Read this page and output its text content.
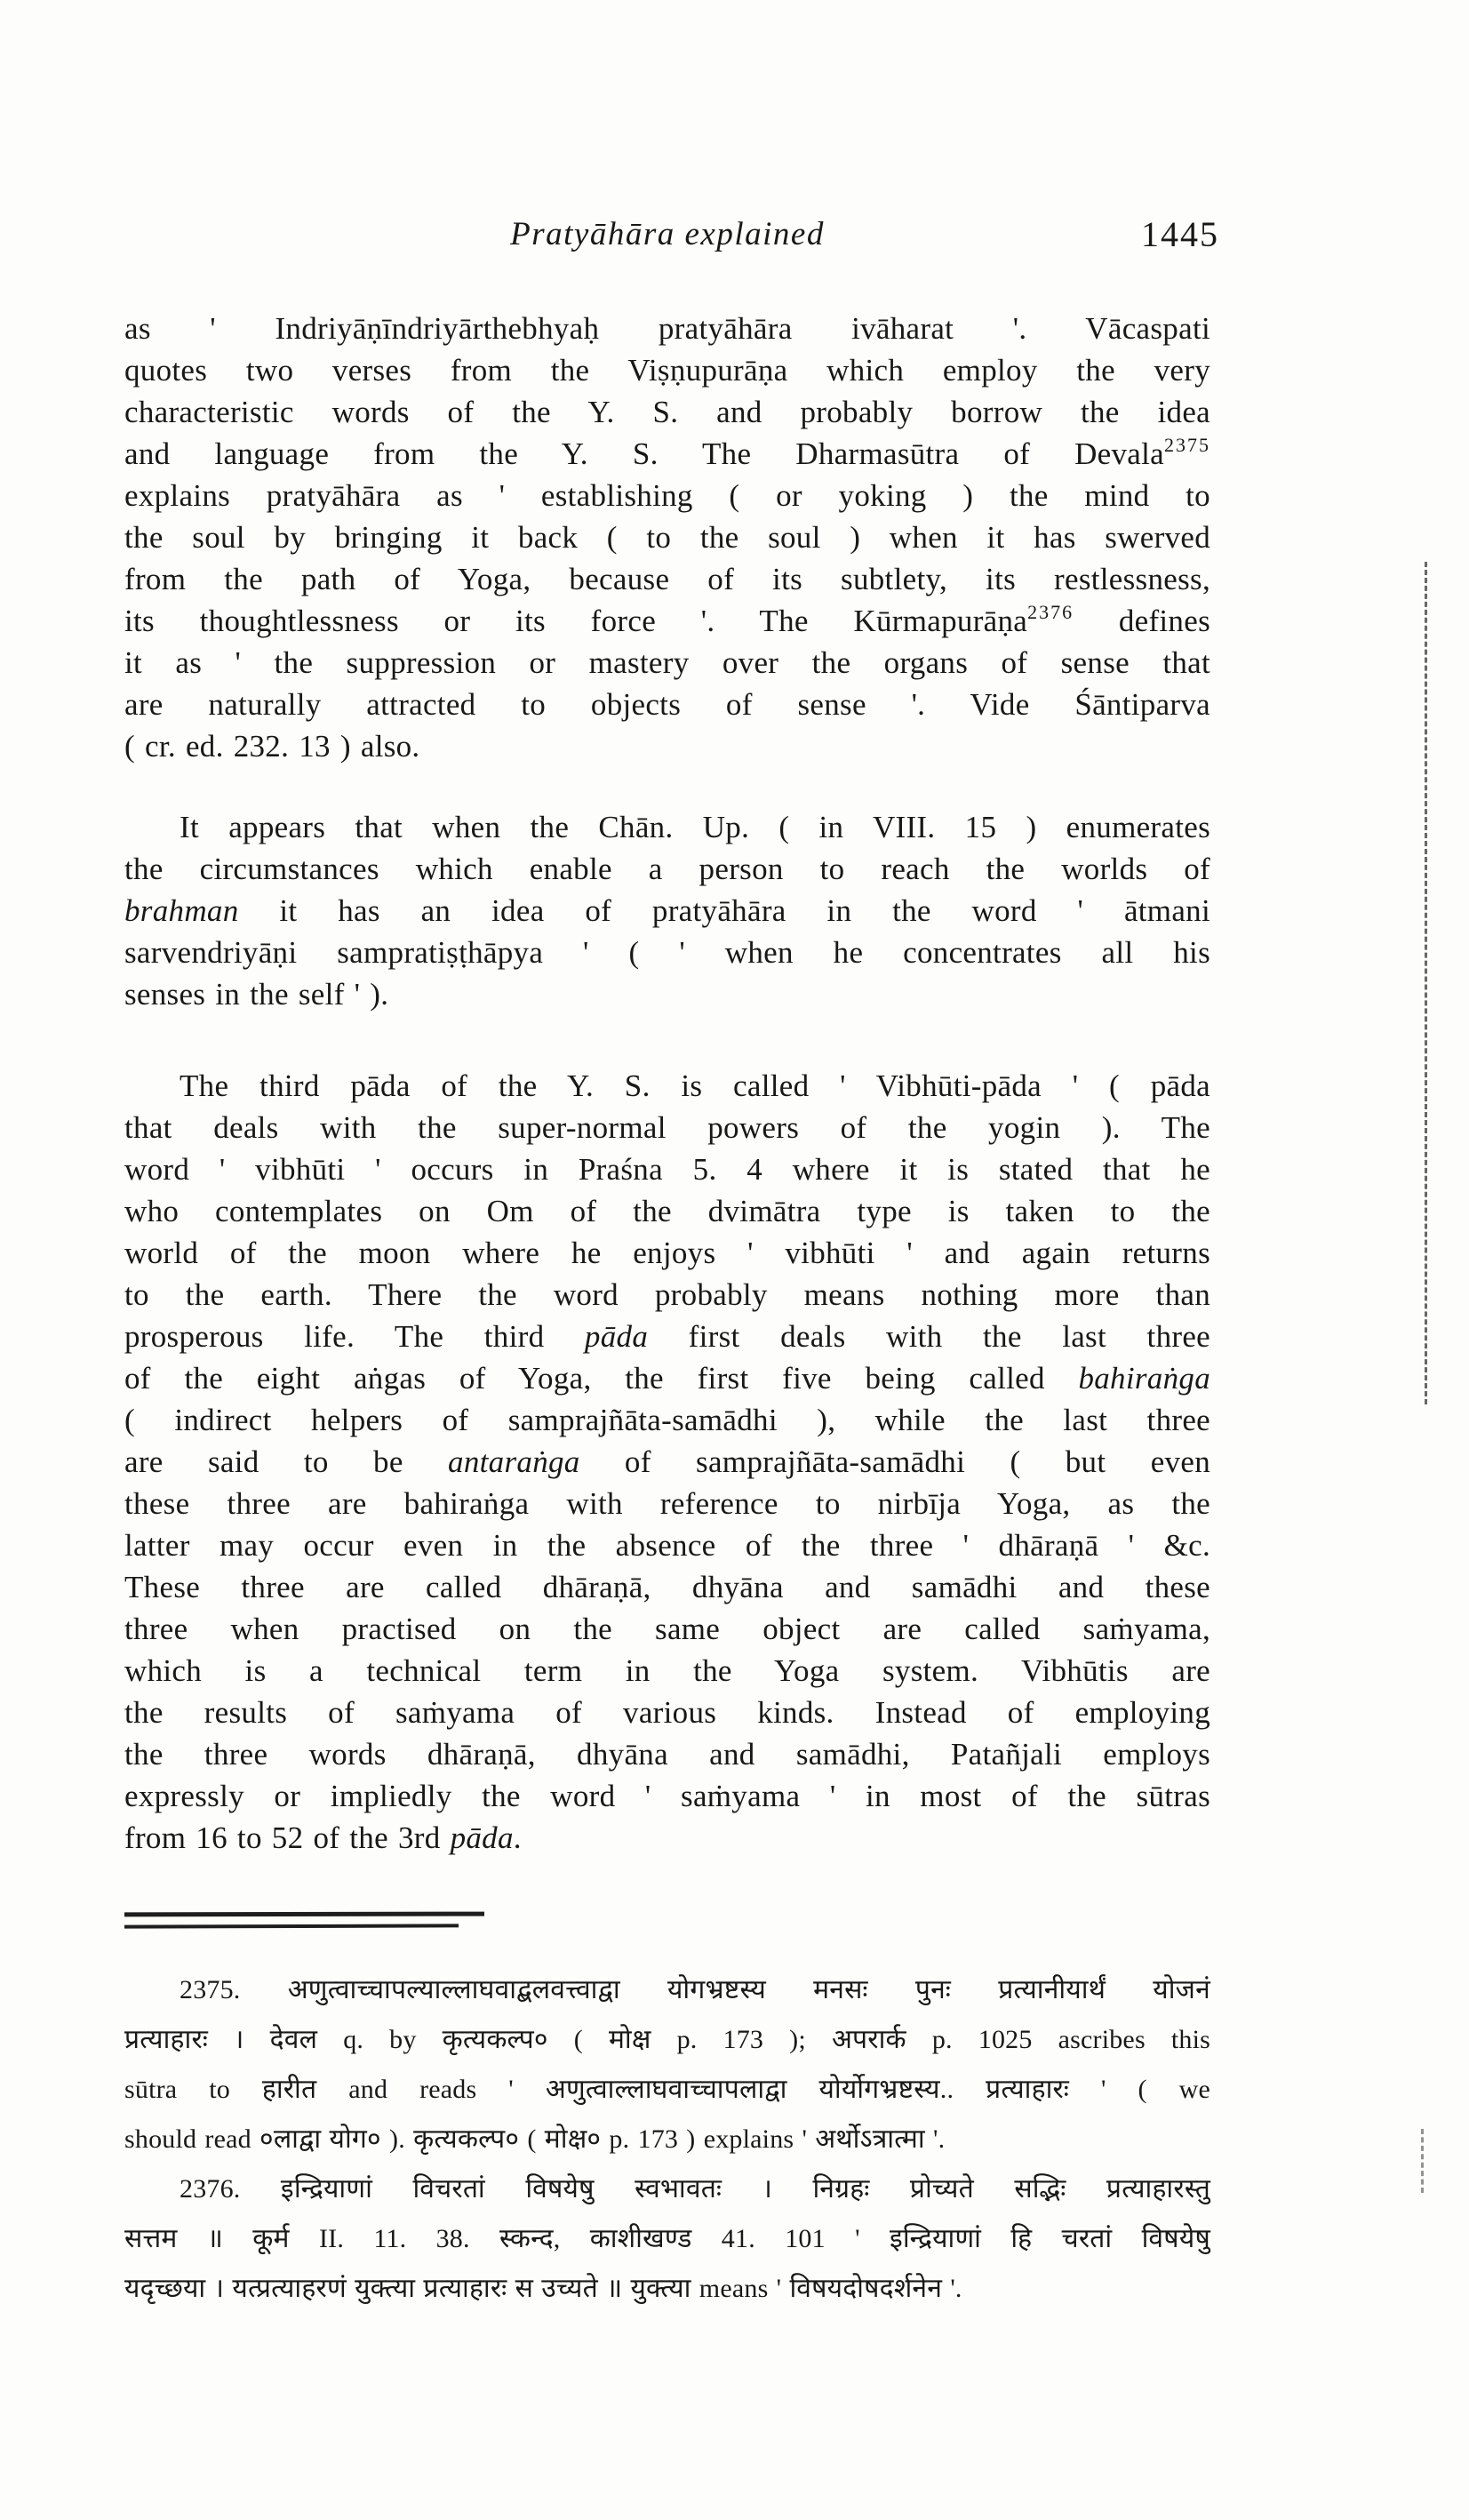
Pratyāhāra explained	1445
as ' Indriyāṇīndriyārthebhyaḥ pratyāhāra ivāharat '. Vācaspati
quotes two verses from the Viṣṇupurāṇa which employ the very
characteristic words of the Y. S. and probably borrow the idea
and language from the Y. S. The Dharmasūtra of Devala$^{2375}$
explains pratyāhāra as ' establishing ( or yoking ) the mind to
the soul by bringing it back ( to the soul ) when it has swerved
from the path of Yoga, because of its subtlety, its restlessness,
its thoughtlessness or its force '. The Kūrmapurāṇa$^{2376}$ defines
it as ' the suppression or mastery over the organs of sense that
are naturally attracted to objects of sense '. Vide Śāntiparva
( cr. ed. 232. 13 ) also.
It appears that when the Chān. Up. ( in VIII. 15 ) enumerates
the circumstances which enable a person to reach the worlds of
brahman it has an idea of pratyāhāra in the word ' ātmani
sarvendriyāṇi sampratiṣṭhāpya ' ( ' when he concentrates all his
senses in the self ' ).
The third pāda of the Y. S. is called ' Vibhūti-pāda ' ( pāda
that deals with the super-normal powers of the yogin ). The
word ' vibhūti ' occurs in Praśna 5. 4 where it is stated that he
who contemplates on Om of the dvimātra type is taken to the
world of the moon where he enjoys ' vibhūti ' and again returns
to the earth. There the word probably means nothing more than
prosperous life. The third pāda first deals with the last three
of the eight aṅgas of Yoga, the first five being called bahiraṅga
( indirect helpers of samprajñāta-samādhi ), while the last three
are said to be antaraṅga of samprajñāta-samādhi ( but even
these three are bahiraṅga with reference to nirbīja Yoga, as the
latter may occur even in the absence of the three ' dhāraṇā ' &c.
These three are called dhāraṇā, dhyāna and samādhi and these
three when practised on the same object are called saṁyama,
which is a technical term in the Yoga system. Vibhūtis are
the results of saṁyama of various kinds. Instead of employing
the three words dhāraṇā, dhyāna and samādhi, Patañjali employs
expressly or impliedly the word ' saṁyama ' in most of the sūtras
from 16 to 52 of the 3rd pāda.
2375. अणुत्वाच्चापल्याल्लाघवाद्बलवत्त्वाद्वा योगभ्रष्टस्य मनसः पुनः प्रत्यानीयार्थं योजनं
प्रत्याहारः । देवल q. by कृत्यकल्प० ( मोक्ष p. 173 ); अपरार्क p. 1025 ascribes this
sūtra to हारीत and reads ' अणुत्वाल्लाघवाच्चापलाद्वा योर्योगभ्रष्टस्य.. प्रत्याहारः ' ( we
should read ०लाद्वा योग० ). कृत्यकल्प० ( मोक्ष० p. 173 ) explains ' अर्थोऽत्रात्मा '.
2376. इन्द्रियाणां विचरतां विषयेषु स्वभावतः । निग्रहः प्रोच्यते सद्भिः प्रत्याहारस्तु
सत्तम ॥ कूर्म II. 11. 38. स्कन्द, काशीखण्ड 41. 101 ' इन्द्रियाणां हि चरतां विषयेषु
यदृच्छया । यत्प्रत्याहरणं युक्त्या प्रत्याहारः स उच्यते ॥ युक्त्या means ' विषयदोषदर्शनेन '.
